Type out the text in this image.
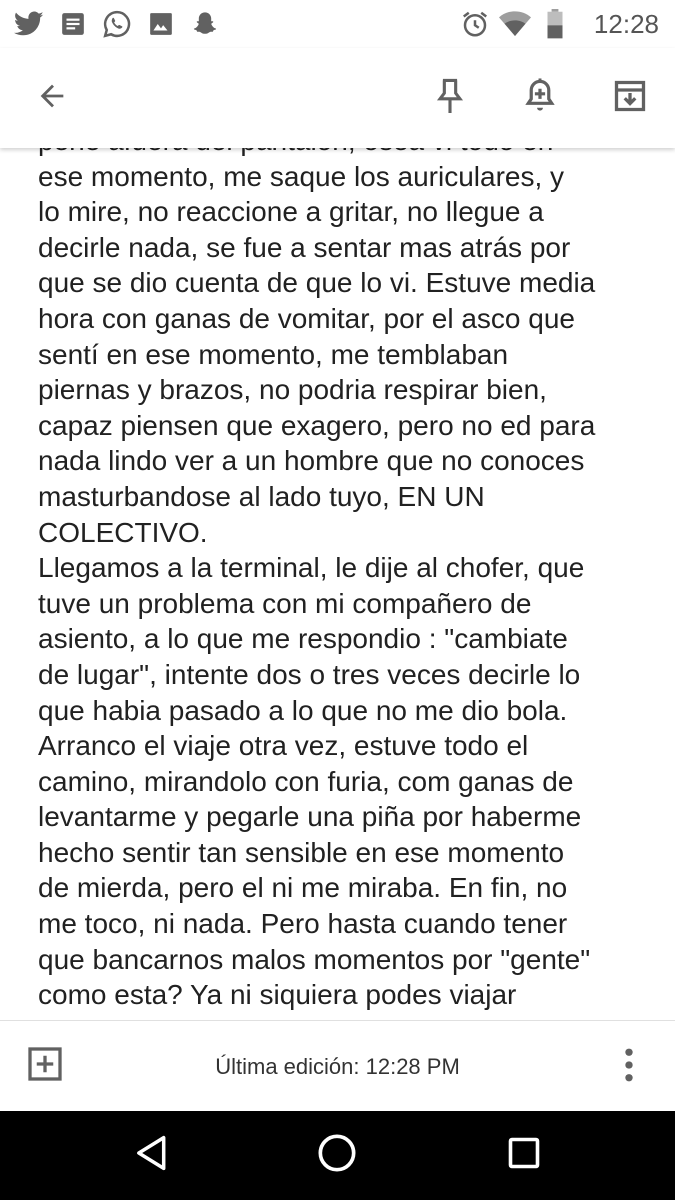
12:28
ese momento, me saque los auriculares, y
lo mire, no reaccione a gritar, no llegue a
decirle nada, se fue a sentar mas atrás por
que se dio cuenta de que lo vi. Estuve media
hora con ganas de vomitar, por el asco que
sentí en ese momento, me temblaban
piernas y brazos, no podria respirar bien,
capaz piensen que exagero, pero no ed para
nada lindo ver a un hombre que no conoces
masturbandose al lado tuyo, EN UN
COLECTIVO.
Llegamos a la terminal, le dije al chofer, que
tuve un problema con mi compañero de
asiento, a lo que me respondio : "cambiate
de lugar", intente dos o tres veces decirle lo
que habia pasado a lo que no me dio bola.
Arranco el viaje otra vez, estuve todo el
camino, mirandolo con furia, com ganas de
levantarme y pegarle una piña por haberme
hecho sentir tan sensible en ese momento
de mierda, pero el ni me miraba. En fin, no
me toco, ni nada. Pero hasta cuando tener
que bancarnos malos momentos por "gente"
como esta? Ya ni siquiera podes viajar
Última edición: 12:28 PM
